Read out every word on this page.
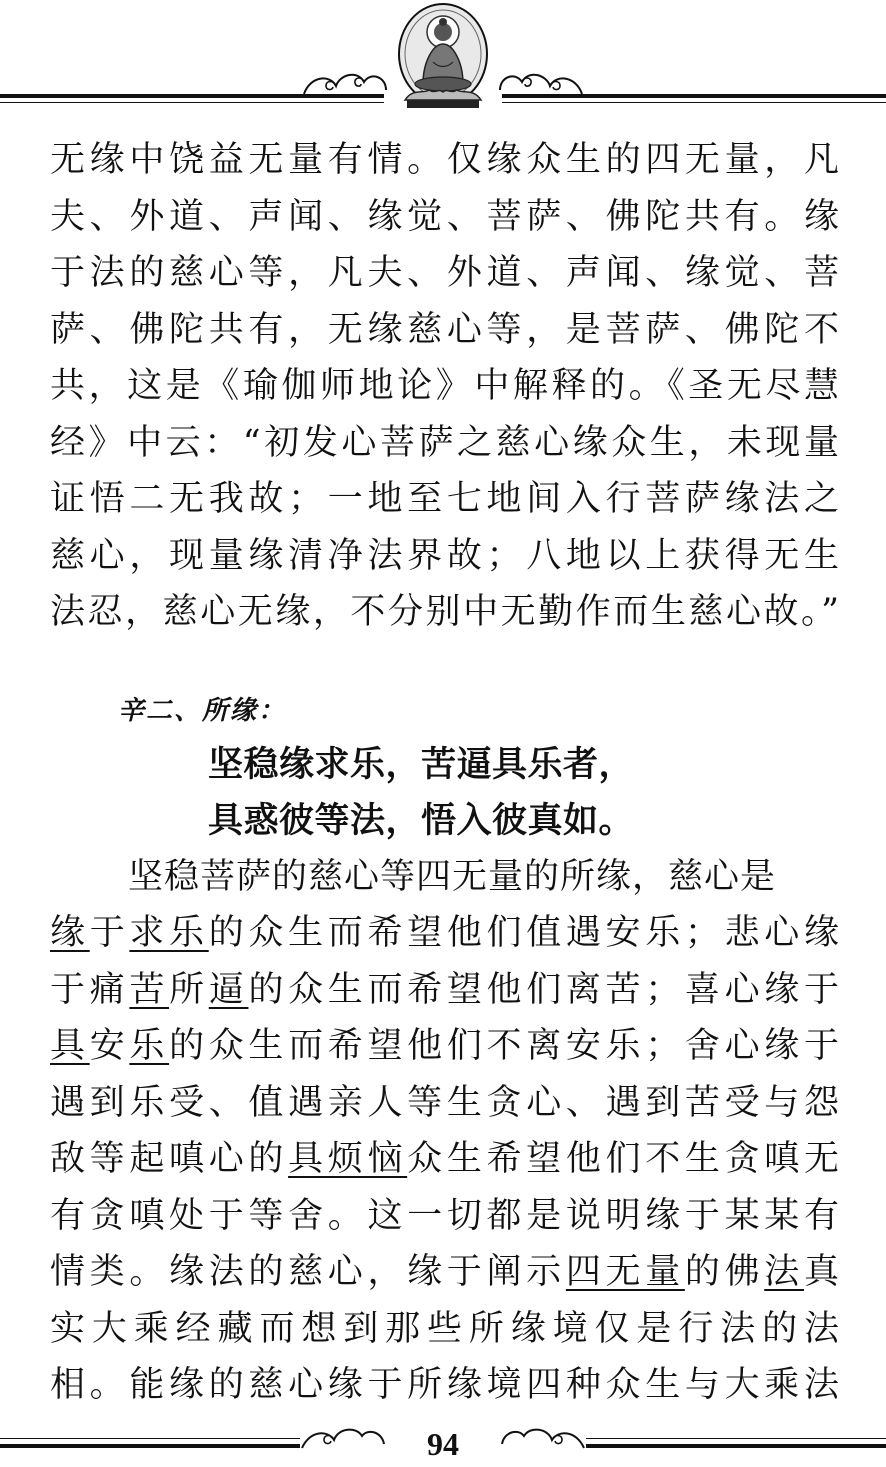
无缘中饶益无量有情。仅缘众生的四无量，凡
夫、外道、声闻、缘觉、菩萨、佛陀共有。缘
于法的慈心等，凡夫、外道、声闻、缘觉、菩
萨、佛陀共有，无缘慈心等，是菩萨、佛陀不
共，这是《瑜伽师地论》中解释的。《圣无尽慧
经》中云：“初发心菩萨之慈心缘众生，未现量
证悟二无我故；一地至七地间入行菩萨缘法之
慈心，现量缘清净法界故；八地以上获得无生
法忍，慈心无缘，不分别中无勤作而生慈心故。”
辛二、所缘：
坚稳缘求乐，苦逼具乐者，
具惑彼等法，悟入彼真如。
坚稳菩萨的慈心等四无量的所缘，慈心是
缘于求乐的众生而希望他们值遇安乐；悲心缘
于痛苦所逼的众生而希望他们离苦；喜心缘于
具安乐的众生而希望他们不离安乐；舍心缘于
遇到乐受、值遇亲人等生贪心、遇到苦受与怨
敌等起嗔心的具烦恼众生希望他们不生贪嗔无
有贪嗔处于等舍。这一切都是说明缘于某某有
情类。缘法的慈心，缘于阐示四无量的佛法真
实大乘经藏而想到那些所缘境仅是行法的法
相。能缘的慈心缘于所缘境四种众生与大乘法
94
